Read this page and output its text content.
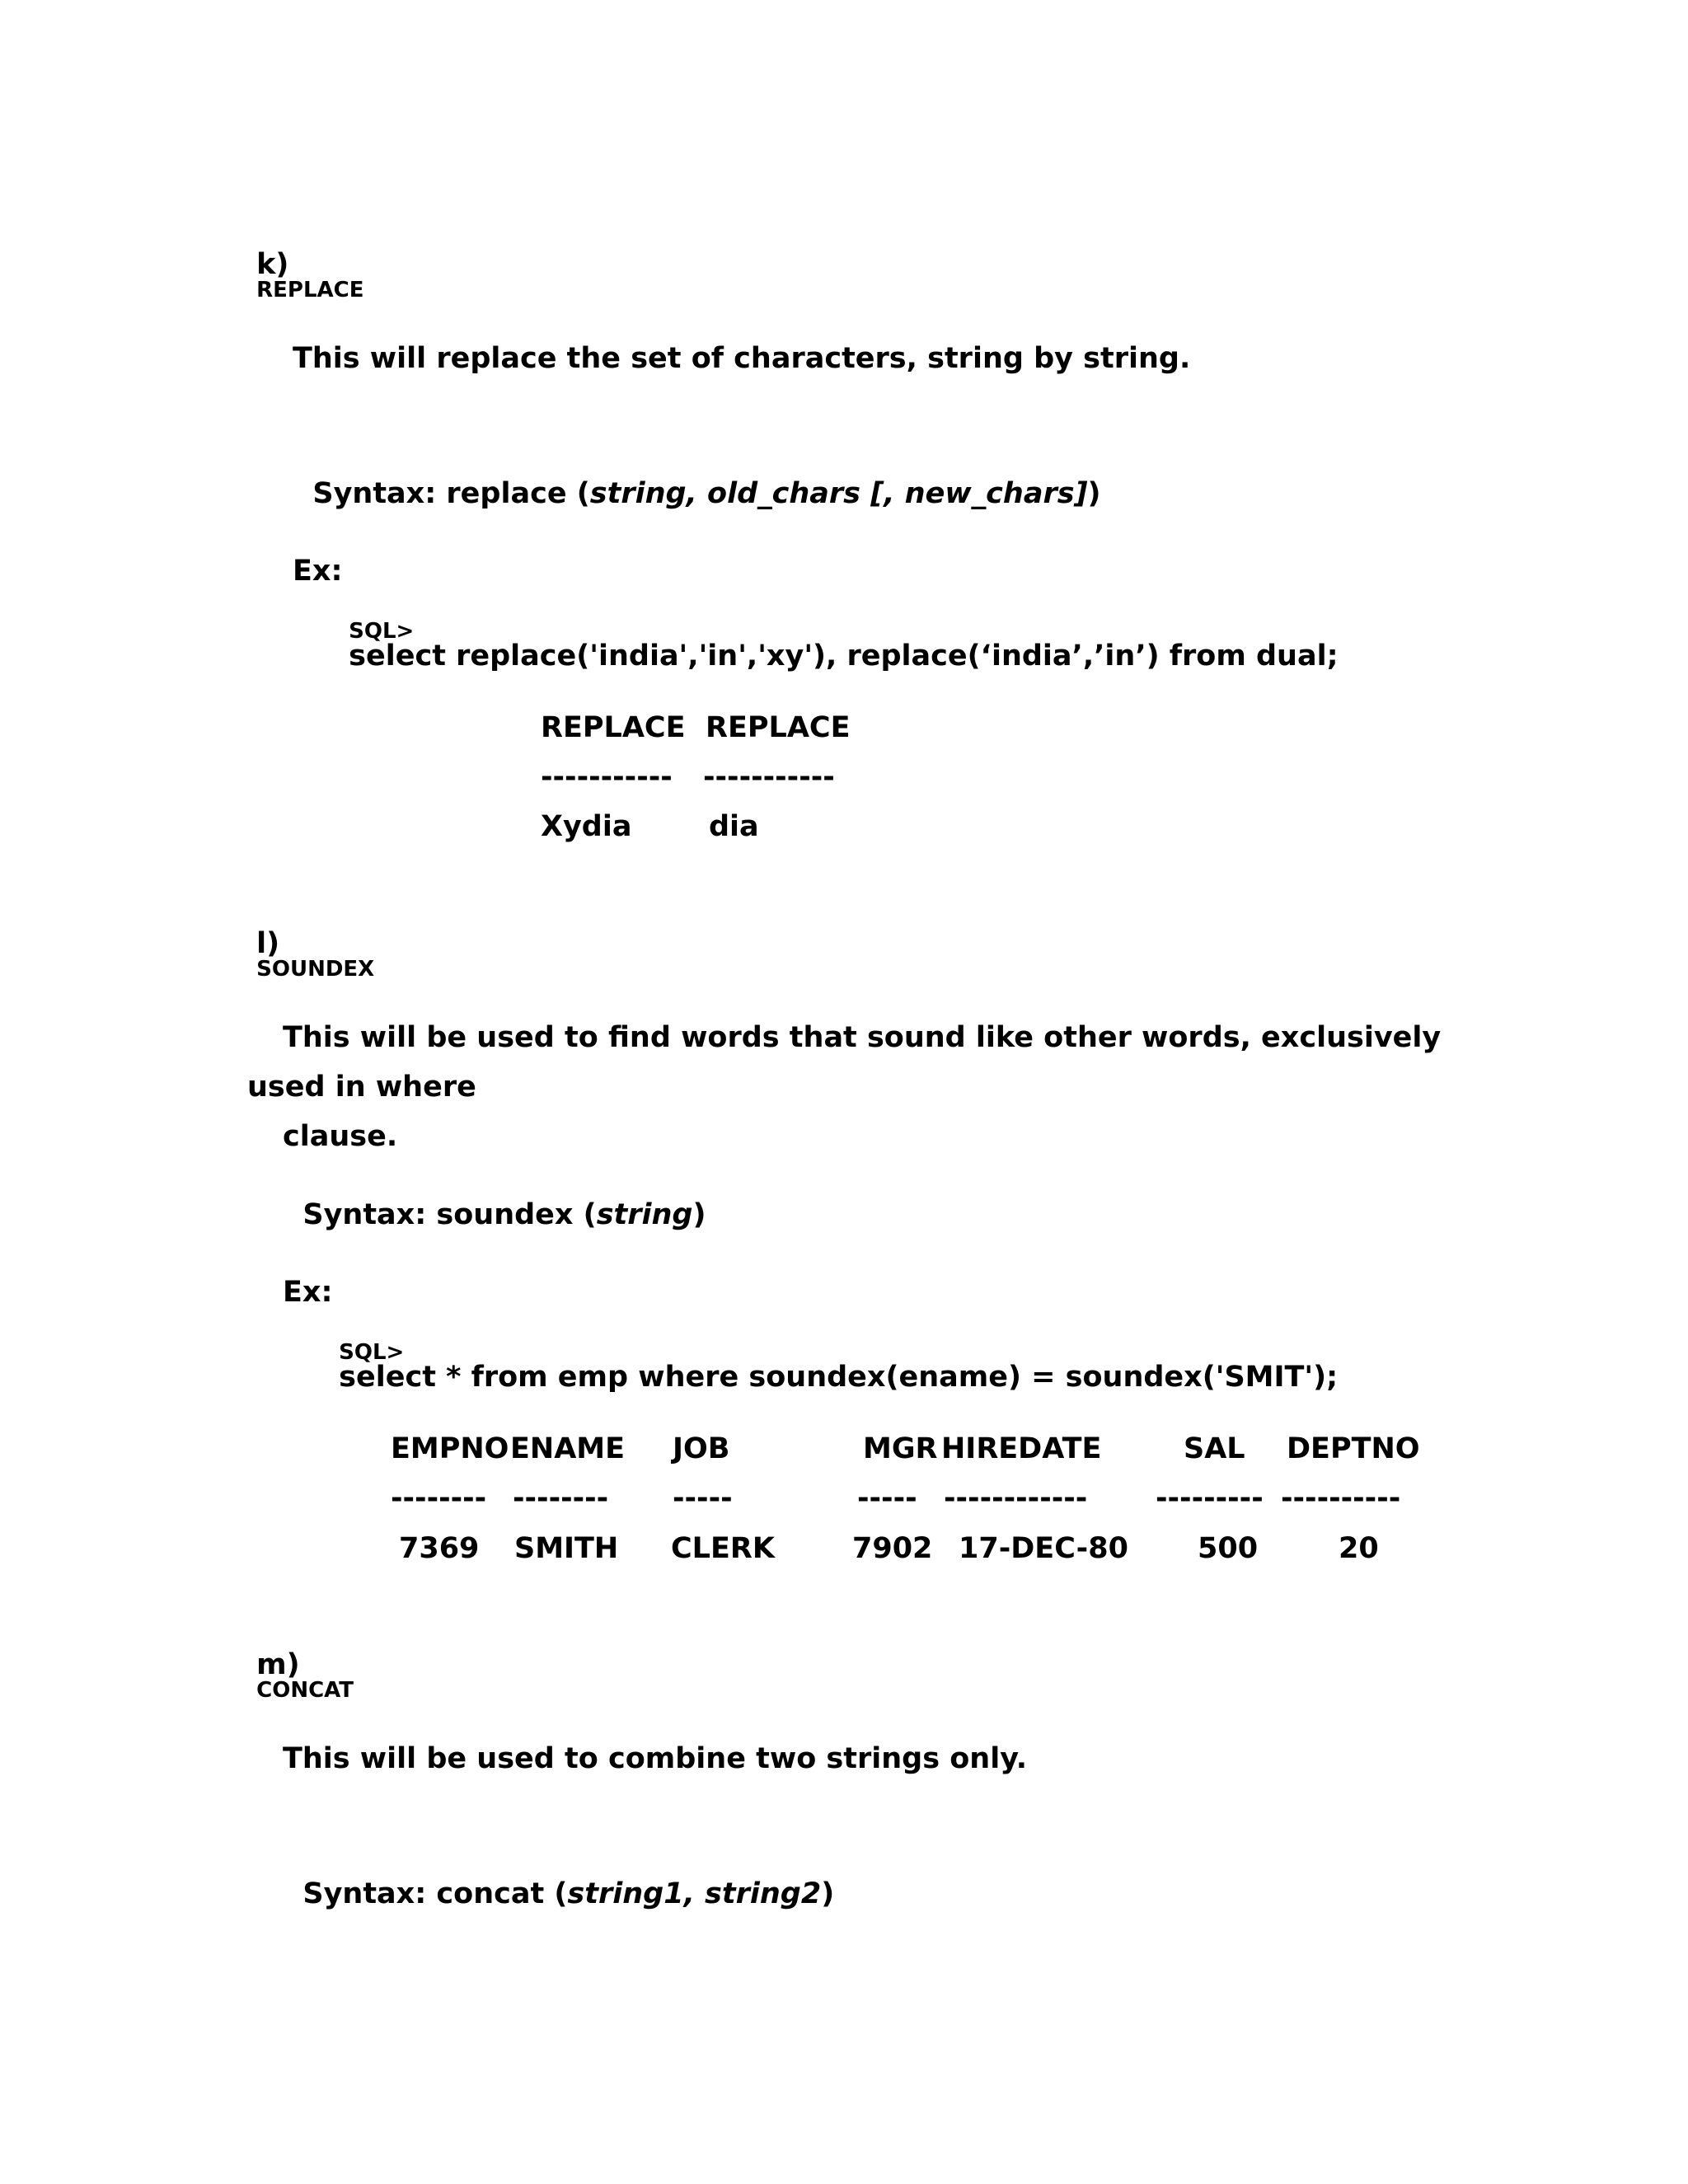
k)
REPLACE

This will replace the set of characters, string by string.

Syntax: replace (string, old_chars [, new_chars])

Ex:

SQL>
select replace('india','in','xy'), replace(‘india’,’in’) from dual;

REPLACE REPLACE
----------- -----------
Xydia	dia

l)
SOUNDEX

This will be used to find words that sound like other words, exclusively
used in where
clause.

Syntax: soundex (string)

Ex:

SQL>
select * from emp where soundex(ename) = soundex('SMIT');

EMPNO ENAME JOB	MGR HIREDATE	SAL DEPTNO
-------- -------- -----	----- ------------ --------- ----------
7369 SMITH CLERK	7902 17-DEC-80 500	20

m)
CONCAT

This will be used to combine two strings only.

Syntax: concat (string1, string2)
